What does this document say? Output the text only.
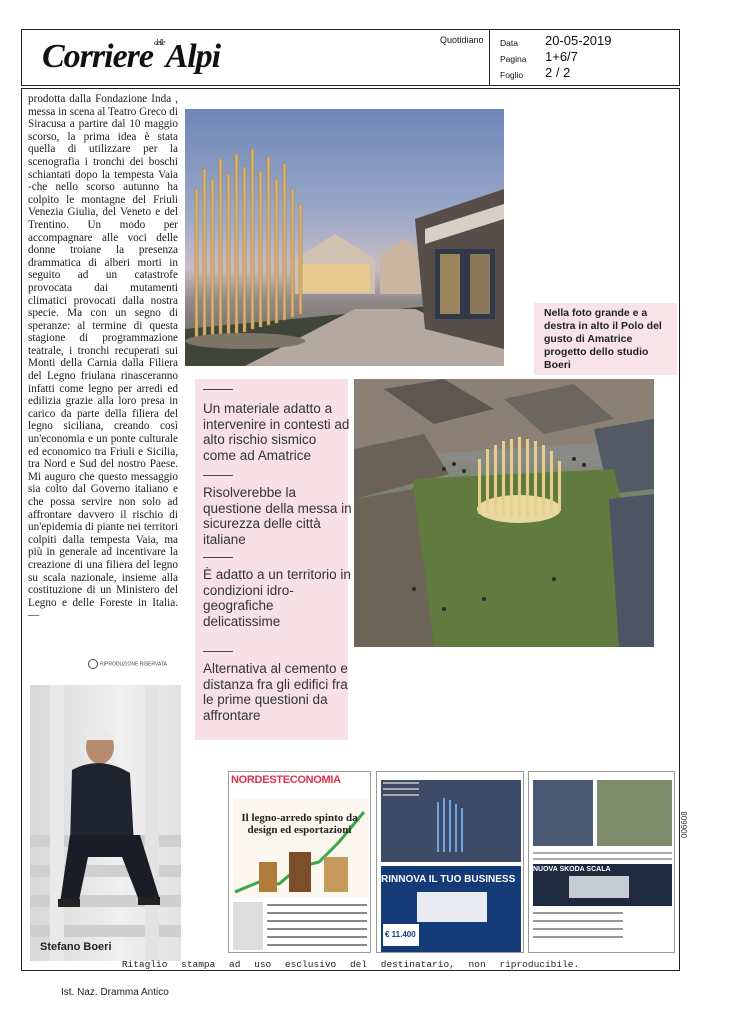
Corriere$^{delle}$Alpi	Quotidiano Data 20-05-2019
Pagina 1+6/7
Foglio 2 / 2
prodotta dalla Fondazione Inda , messa in scena al Teatro Greco di Siracusa a partire dal 10 maggio scorso, la prima idea è stata quella di utilizzare per la scenografia i tronchi dei boschi schiantati dopo la tempesta Vaia -che nello scorso autunno ha colpito le montagne del Friuli Venezia Giulia, del Veneto e del Trentino. Un modo per accompagnare alle voci delle donne troiane la presenza drammatica di alberi morti in seguito ad un catastrofe provocata dai mutamenti climatici provocati dalla nostra specie. Ma con un segno di speranze: al termine di questa stagione di programmazione teatrale, i tronchi recuperati sui Monti della Carnia dalla Filiera del Legno friulana rinasceranno infatti come legno per arredi ed edilizia grazie alla loro presa in carico da parte della filiera del legno siciliana, creando così un'economia e un ponte culturale ed economico tra Friuli e Sicilia, tra Nord e Sud del nostro Paese. Mi auguro che questo messaggio sia colto dal Governo italiano e che possa servire non solo ad affrontare davvero il rischio di un'epidemia di piante nei territori colpiti dalla tempesta Vaia, ma più in generale ad incentivare la creazione di una filiera del legno su scala nazionale, insieme alla costituzione di un Ministero del Legno e delle Foreste in Italia. —
RIPRODUZIONE RISERVATA
Nella foto grande e a destra in alto il Polo del gusto di Amatrice progetto dello studio Boeri
Un materiale adatto a intervenire in contesti ad alto rischio sismico come ad Amatrice
Risolverebbe la questione della messa in sicurezza delle città italiane
È adatto a un territorio in condizioni idro-geografiche delicatissime
Alternativa al cemento e distanza fra gli edifici fra le prime questioni da affrontare
Stefano Boeri
NORDESTECONOMIA
Il legno-arredo spinto da design ed esportazioni
RINNOVA IL TUO BUSINESS
€ 11.400
NUOVA SKODA SCALA
Ritaglio stampa ad uso esclusivo del destinatario, non riproducibile.
006608
Ist. Naz. Dramma Antico
